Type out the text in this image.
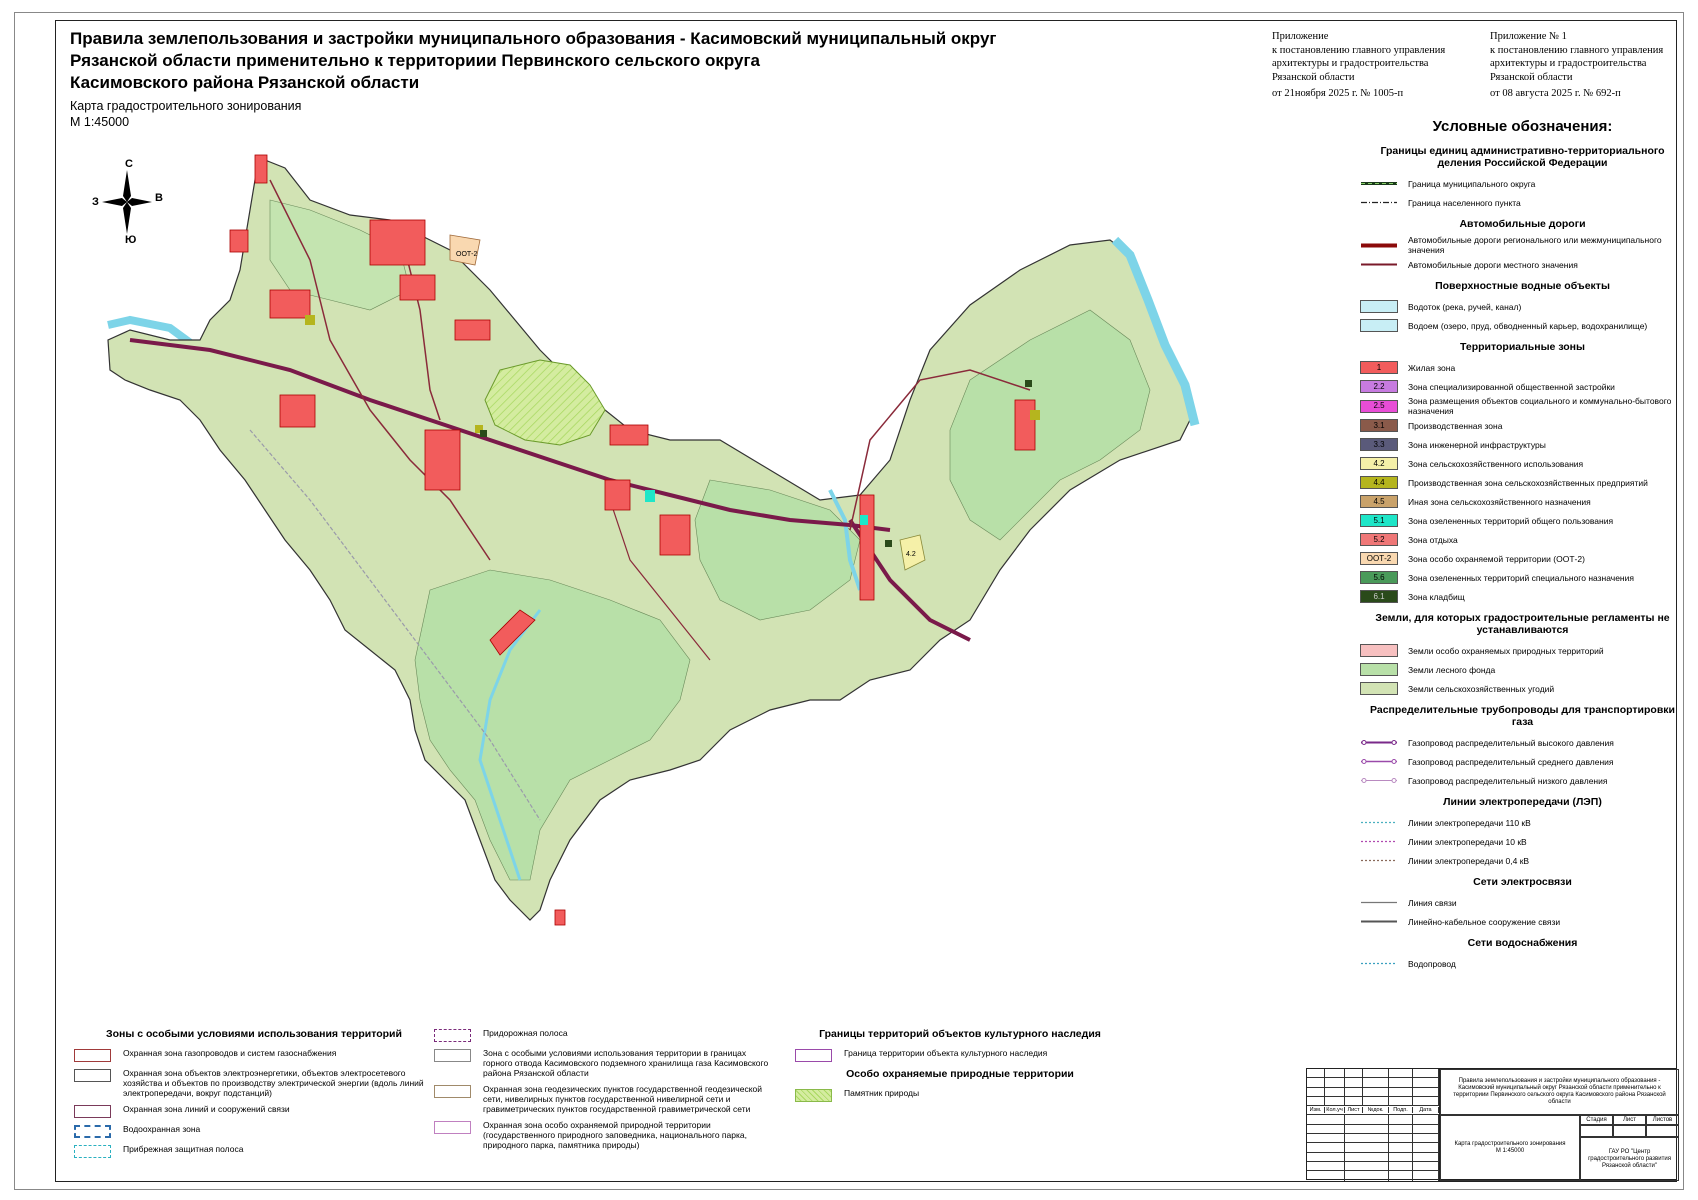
Правила землепользования и застройки муниципального образования - Касимовский муниципальный округ
Рязанской области применительно к территориии Первинского сельского округа
Касимовского района Рязанской области
Карта градостроительного зонирования
М 1:45000
Приложение
к постановлению главного управления
архитектуры и градостроительства
Рязанской области
от 21ноября 2025 г. № 1005-п
Приложение № 1
к постановлению главного управления
архитектуры и градостроительства
Рязанской области
от 08 августа 2025 г. № 692-п
С
Ю
З	В
ООТ-2
4.2
Условные обозначения:
Границы единиц административно-территориального деления Российской Федерации
Граница муниципального округа
Граница населенного пункта
Автомобильные дороги
Автомобильные дороги регионального или межмуниципального значения
Автомобильные дороги местного значения
Поверхностные водные объекты
Водоток (река, ручей, канал)
Водоем (озеро, пруд, обводненный карьер, водохранилище)
Территориальные зоны
1	Жилая зона
2.2	Зона специализированной общественной застройки
2.5	Зона размещения объектов социального и коммунально-бытового назначения
3.1	Производственная зона
3.3	Зона инженерной инфраструктуры
4.2	Зона сельскохозяйственного использования
4.4	Производственная зона сельскохозяйственных предприятий
4.5	Иная зона сельскохозяйственного назначения
5.1	Зона озелененных территорий общего пользования
5.2	Зона отдыха
ООТ-2 Зона особо охраняемой территории (ООТ-2)
5.6	Зона озелененных территорий специального назначения
6.1	Зона кладбищ
Земли, для которых градостроительные регламенты не устанавливаются
Земли особо охраняемых природных территорий
Земли лесного фонда
Земли сельскохозяйственных угодий
Распределительные трубопроводы для транспортировки газа
Газопровод распределительный высокого давления
Газопровод распределительный среднего давления
Газопровод распределительный низкого давления
Линии электропередачи (ЛЭП)
Линии электропередачи 110 кВ
Линии электропередачи 10 кВ
Линии электропередачи 0,4 кВ
Сети электросвязи
Линия связи
Линейно-кабельное сооружение связи
Сети водоснабжения
Водопровод
Зоны с особыми условиями использования территорий
Охранная зона газопроводов и систем газоснабжения
Охранная зона объектов электроэнергетики, объектов электросетевого хозяйства и объектов по производству электрической энергии (вдоль линий электропередачи, вокруг подстанций)
Охранная зона линий и сооружений связи
Водоохранная зона
Прибрежная защитная полоса
Придорожная полоса
Зона с особыми условиями использования территории в границах горного отвода Касимовского подземного хранилища газа Касимовского района Рязанской области
Охранная зона геодезических пунктов государственной геодезической сети, нивелирных пунктов государственной нивелирной сети и гравиметрических пунктов государственной гравиметрической сети
Охранная зона особо охраняемой природной территории (государственного природного заповедника, национального парка, природного парка, памятника природы)
Границы территорий объектов культурного наследия
Граница территории объекта культурного наследия
Особо охраняемые природные территории
Памятник природы
Изм. Кол.уч Лист	№док.	Подп.	Дата
Правила землепользования и застройки муниципального образования - Касимовский муниципальный округ Рязанской области применительно к территориии Первинского сельского округа Касимовского района Рязанской области
Карта градостроительного зонирования
М 1:45000
Стадия	Лист	Листов
ГАУ РО "Центр градостроительного развития Рязанской области"
